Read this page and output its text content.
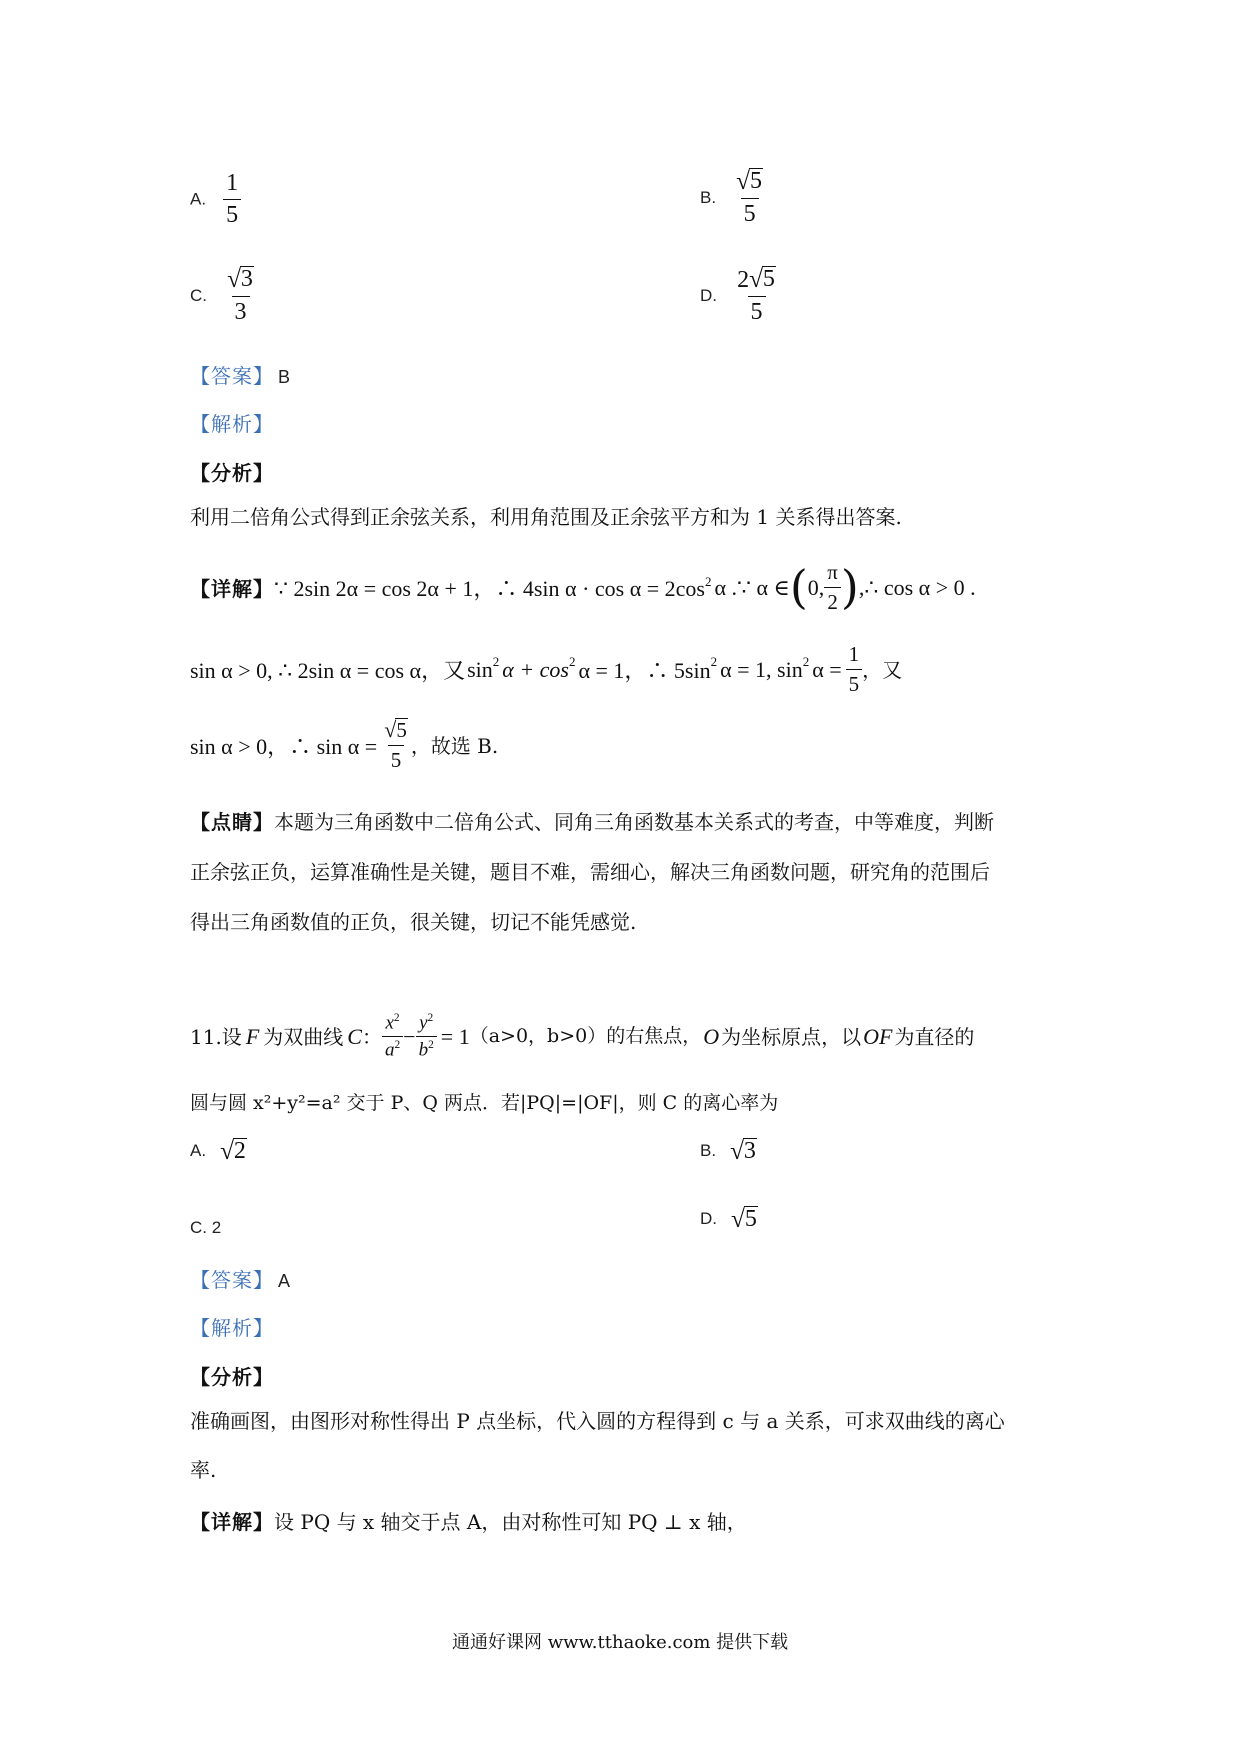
A. $\frac{1}{5}$	B. $\frac{√ 5}{5}$
C. $\frac{√ 3}{3}$	D. $\frac{2 √ 5}{5}$
【答案】 B
【解析】
【分析】
利用二倍角公式得到正余弦关系，利用角范围及正余弦平方和为 1 关系得出答案.
【详解】 ∵ 2sin 2α = cos 2α + 1，∴ 4sin $\alpha \cdot \cos \alpha = 2\cos^2$ α .∵ α ∈ ( 0, $\frac{\pi}{2}$ ) ,∴ cos α > 0 .
sin α > 0, ∴ 2sin α = cos α，又 $\sin^2 \alpha + \cos^2 \alpha = 1$，∴ $5\sin^2$ α = 1, $\sin^2 \alpha = \frac{1}{5}$ ，又
sin α > 0，∴ $\sin \alpha = \frac{√ 5}{5}$ ，故选 B.
【点睛】本题为三角函数中二倍角公式、同角三角函数基本关系式的考查，中等难度，判断
正余弦正负，运算准确性是关键，题目不难，需细心，解决三角函数问题，研究角的范围后
得出三角函数值的正负，很关键，切记不能凭感觉.
11.设 F 为双曲线 C ： $\frac{x^2}{a^2} - \frac{y^2}{b^2} = 1$ （a>0，b>0）的右焦点， O 为坐标原点，以 OF 为直径的
圆与圆 x²+y²=a² 交于 P、Q 两点．若|PQ|=|OF|，则 C 的离心率为
A. √ 2	B. √ 3
C. 2	D. √ 5
【答案】 A
【解析】
【分析】
准确画图，由图形对称性得出 P 点坐标，代入圆的方程得到 c 与 a 关系，可求双曲线的离心
率.
【详解】设 PQ 与 x 轴交于点 A，由对称性可知 PQ ⊥ x 轴，
通通好课网 www.tthaoke.com 提供下载
